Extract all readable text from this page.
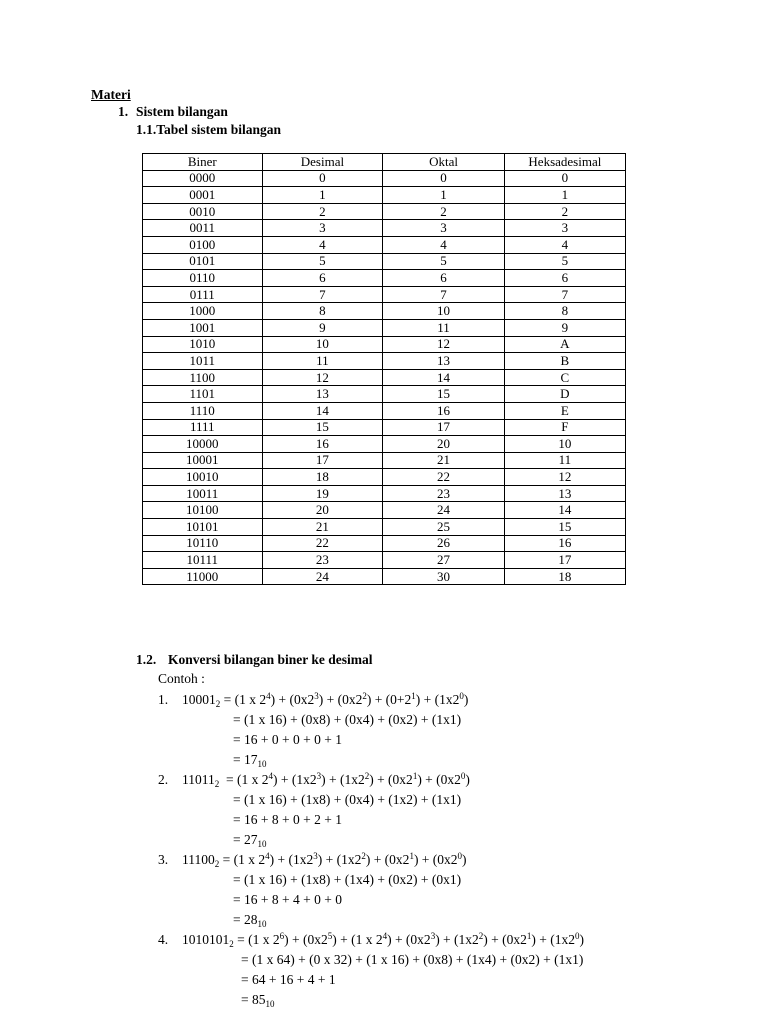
Materi
1. Sistem bilangan
1.1.Tabel sistem bilangan
Biner	Desimal	Oktal	Heksadesimal
0000	0	0	0
0001	1	1	1
0010	2	2	2
0011	3	3	3
0100	4	4	4
0101	5	5	5
0110	6	6	6
0111	7	7	7
1000	8	10	8
1001	9	11	9
1010	10	12	A
1011	11	13	B
1100	12	14	C
1101	13	15	D
1110	14	16	E
1111	15	17	F
10000	16	20	10
10001	17	21	11
10010	18	22	12
10011	19	23	13
10100	20	24	14
10101	21	25	15
10110	22	26	16
10111	23	27	17
11000	24	30	18
1.2. Konversi bilangan biner ke desimal
Contoh :
1. $10001_2 = (1$ x $2^4) + (0x2^3) + (0x2^2) + (0+2^1) + (1x2^0)$
= (1 x 16) + (0x8) + (0x4) + (0x2) + (1x1)
= 16 + 0 + 0 + 0 + 1
= $17_{10}$
2. $11011_2 = (1$ x $2^4) + (1x2^3) + (1x2^2) + (0x2^1) + (0x2^0)$
= (1 x 16) + (1x8) + (0x4) + (1x2) + (1x1)
= 16 + 8 + 0 + 2 + 1
= $27_{10}$
3. $11100_2 = (1$ x $2^4) + (1x2^3) + (1x2^2) + (0x2^1) + (0x2^0)$
= (1 x 16) + (1x8) + (1x4) + (0x2) + (0x1)
= 16 + 8 + 4 + 0 + 0
= $28_{10}$
4. $1010101_2 = (1$ x $2^6) + (0x2^5) + (1$ x $2^4) + (0x2^3) + (1x2^2) + (0x2^1) + (1x2^0)$
= (1 x 64) + (0 x 32) + (1 x 16) + (0x8) + (1x4) + (0x2) + (1x1)
= 64 + 16 + 4 + 1
= $85_{10}$
